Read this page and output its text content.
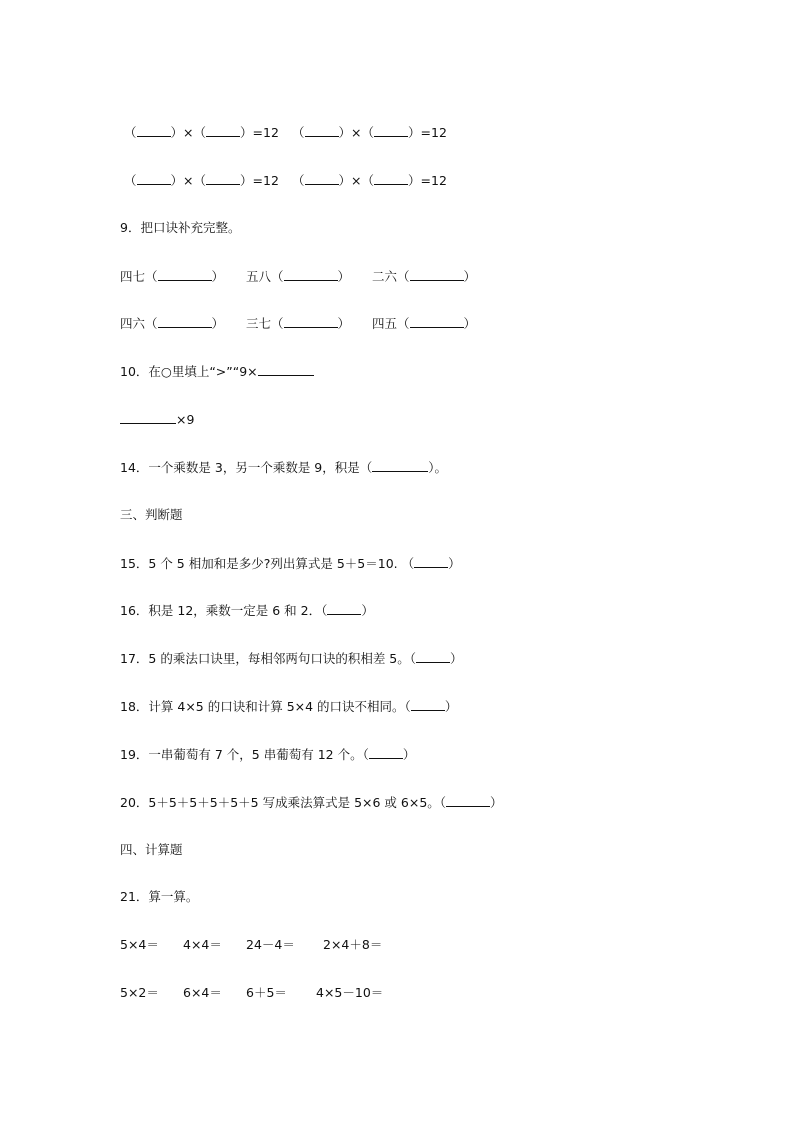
（	）×（	）=12 （	）×（	）=12
（	）×（	）=12 （	）×（	）=12
9．把口诀补充完整。
四七（	） 五八（	） 二六（	）
四六（	） 三七（	） 四五（	）
10．在○里填上“>”“9×
×9
14．一个乘数是 3，另一个乘数是 9，积是（	）。
三、判断题
15．5 个 5 相加和是多少?列出算式是 5＋5＝10. （	）
16．积是 12，乘数一定是 6 和 2．（	）
17．5 的乘法口诀里，每相邻两句口诀的积相差 5。（	）
18．计算 4×5 的口诀和计算 5×4 的口诀不相同。（	）
19．一串葡萄有 7 个，5 串葡萄有 12 个。（	）
20．5＋5＋5＋5＋5＋5 写成乘法算式是 5×6 或 6×5。（	）
四、计算题
21．算一算。
5×4＝ 4×4＝ 24－4＝ 2×4＋8＝
5×2＝ 6×4＝ 6＋5＝ 4×5－10＝
